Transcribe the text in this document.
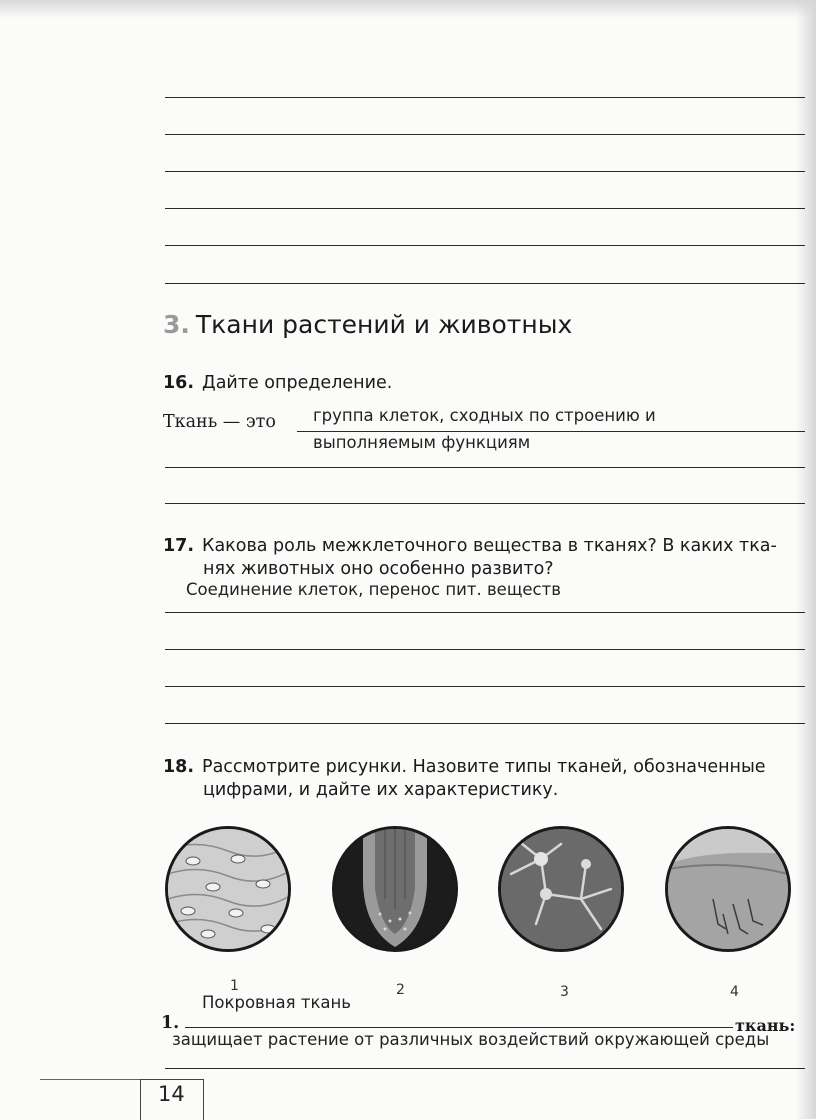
3. Ткани растений и животных
16. Дайте определение.
Ткань — это группа клеток, сходных по строению и
выполняемым функциям
17. Какова роль межклеточного вещества в тканях? В каких тка-
нях животных оно особенно развито?
Соединение клеток, перенос пит. веществ
18. Рассмотрите рисунки. Назовите типы тканей, обозначенные
цифрами, и дайте их характеристику.
1	2	3	4
Покровная ткань
1.	ткань:
защищает растение от различных воздействий окружающей среды
14
